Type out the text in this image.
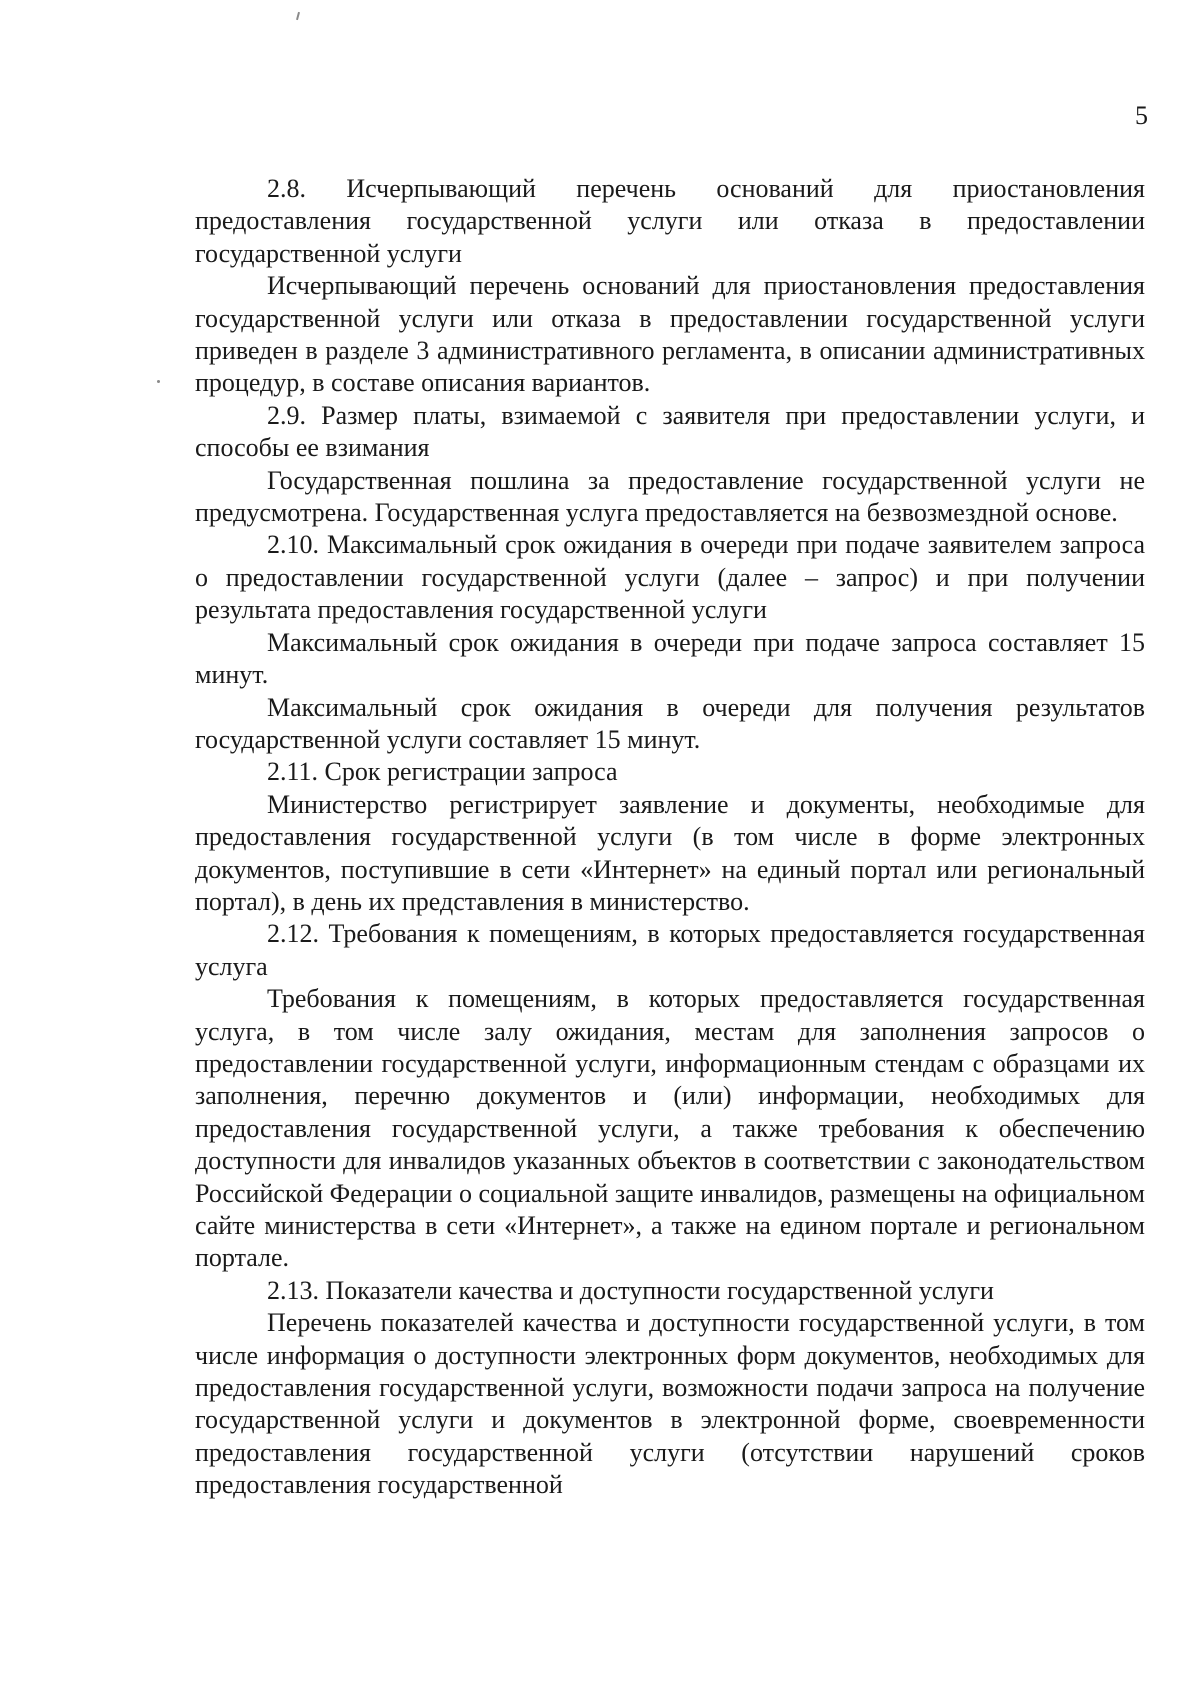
5

2.8. Исчерпывающий перечень оснований для приостановления предоставления государственной услуги или отказа в предоставлении государственной услуги

Исчерпывающий перечень оснований для приостановления предоставления государственной услуги или отказа в предоставлении государственной услуги приведен в разделе 3 административного регламента, в описании административных процедур, в составе описания вариантов.

2.9. Размер платы, взимаемой с заявителя при предоставлении услуги, и способы ее взимания

Государственная пошлина за предоставление государственной услуги не предусмотрена. Государственная услуга предоставляется на безвозмездной основе.

2.10. Максимальный срок ожидания в очереди при подаче заявителем запроса о предоставлении государственной услуги (далее – запрос) и при получении результата предоставления государственной услуги

Максимальный срок ожидания в очереди при подаче запроса составляет 15 минут.

Максимальный срок ожидания в очереди для получения результатов государственной услуги составляет 15 минут.

2.11. Срок регистрации запроса

Министерство регистрирует заявление и документы, необходимые для предоставления государственной услуги (в том числе в форме электронных документов, поступившие в сети «Интернет» на единый портал или региональный портал), в день их представления в министерство.

2.12. Требования к помещениям, в которых предоставляется государственная услуга

Требования к помещениям, в которых предоставляется государственная услуга, в том числе залу ожидания, местам для заполнения запросов о предоставлении государственной услуги, информационным стендам с образцами их заполнения, перечню документов и (или) информации, необходимых для предоставления государственной услуги, а также требования к обеспечению доступности для инвалидов указанных объектов в соответствии с законодательством Российской Федерации о социальной защите инвалидов, размещены на официальном сайте министерства в сети «Интернет», а также на едином портале и региональном портале.

2.13. Показатели качества и доступности государственной услуги

Перечень показателей качества и доступности государственной услуги, в том числе информация о доступности электронных форм документов, необходимых для предоставления государственной услуги, возможности подачи запроса на получение государственной услуги и документов в электронной форме, своевременности предоставления государственной услуги (отсутствии нарушений сроков предоставления государственной
